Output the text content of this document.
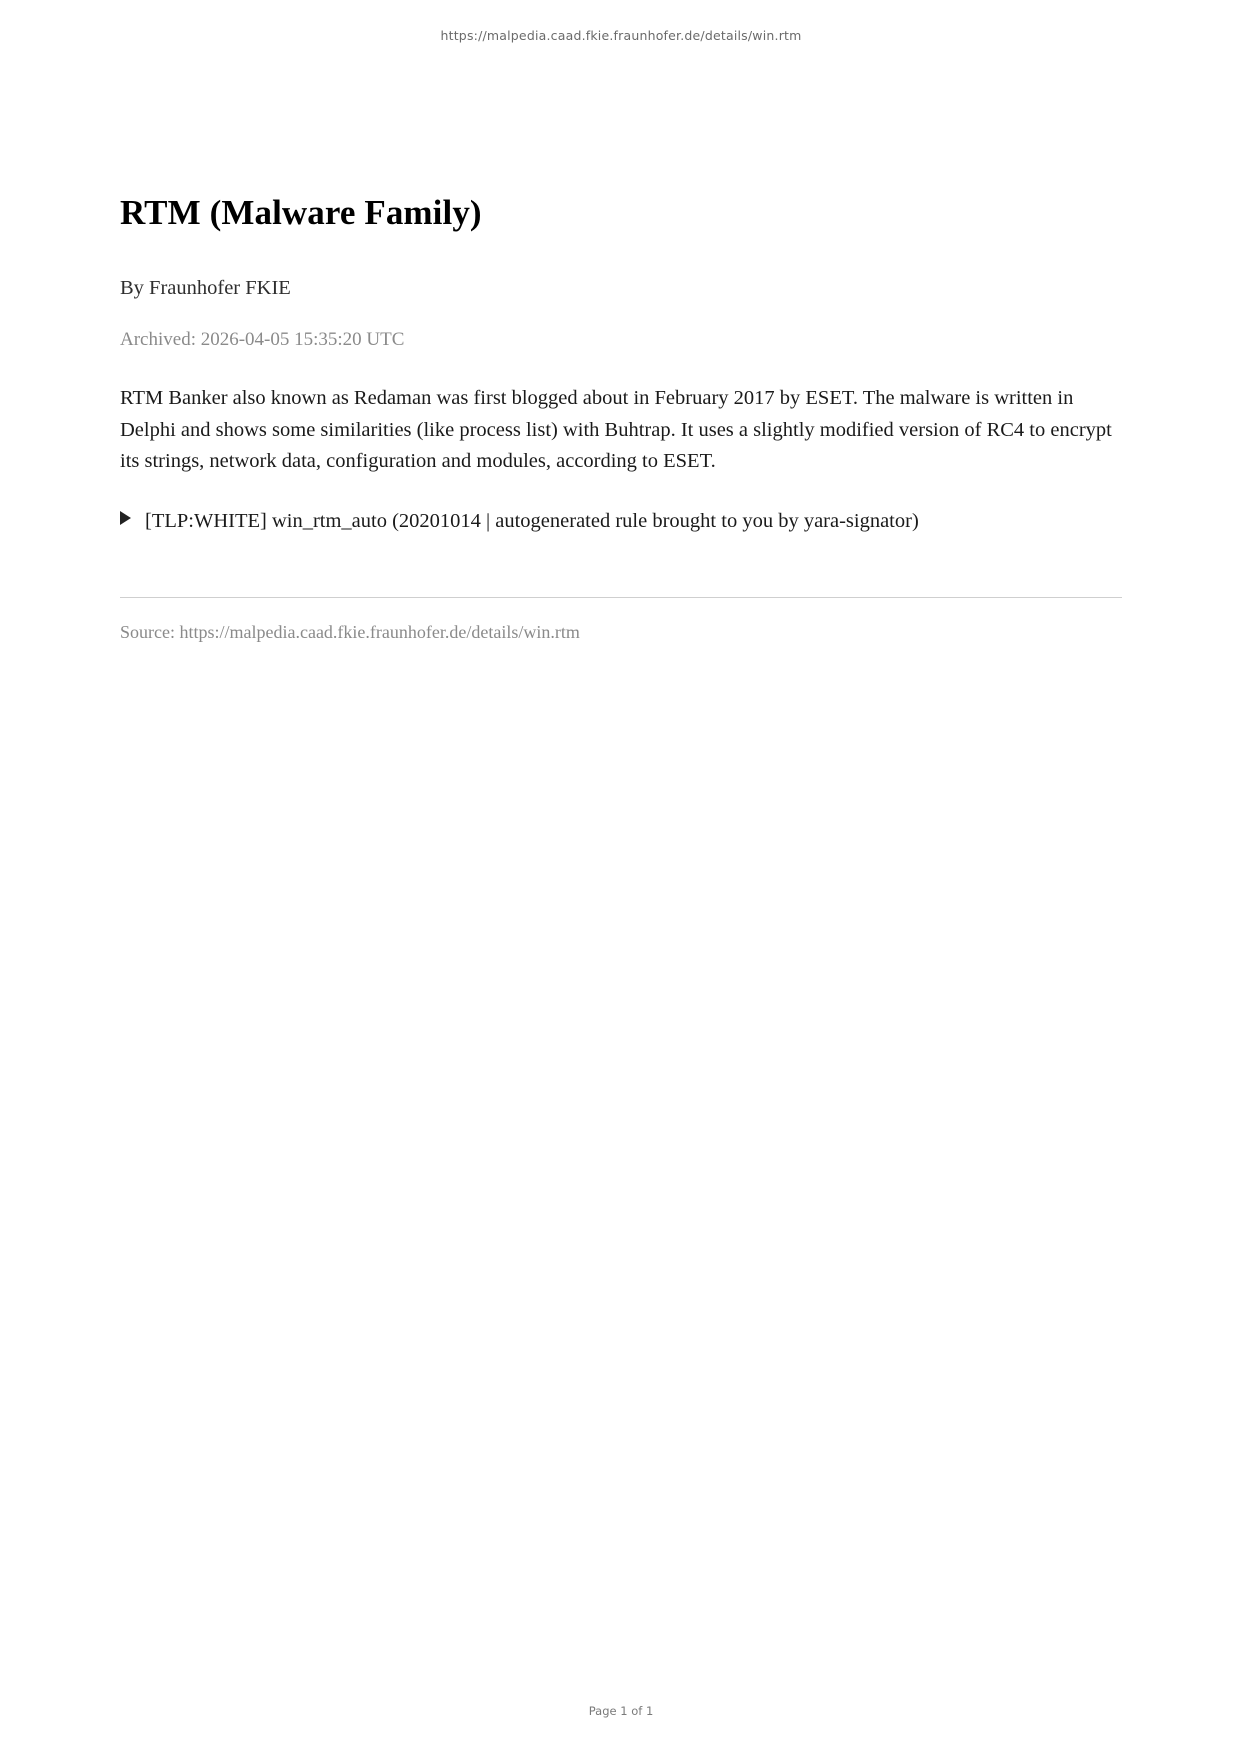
https://malpedia.caad.fkie.fraunhofer.de/details/win.rtm
RTM (Malware Family)
By Fraunhofer FKIE
Archived: 2026-04-05 15:35:20 UTC

RTM Banker also known as Redaman was first blogged about in February 2017 by ESET. The malware is written in Delphi and shows some similarities (like process list) with Buhtrap. It uses a slightly modified version of RC4 to encrypt its strings, network data, configuration and modules, according to ESET.

[TLP:WHITE] win_rtm_auto (20201014 | autogenerated rule brought to you by yara-signator)
Source: https://malpedia.caad.fkie.fraunhofer.de/details/win.rtm
Page 1 of 1
